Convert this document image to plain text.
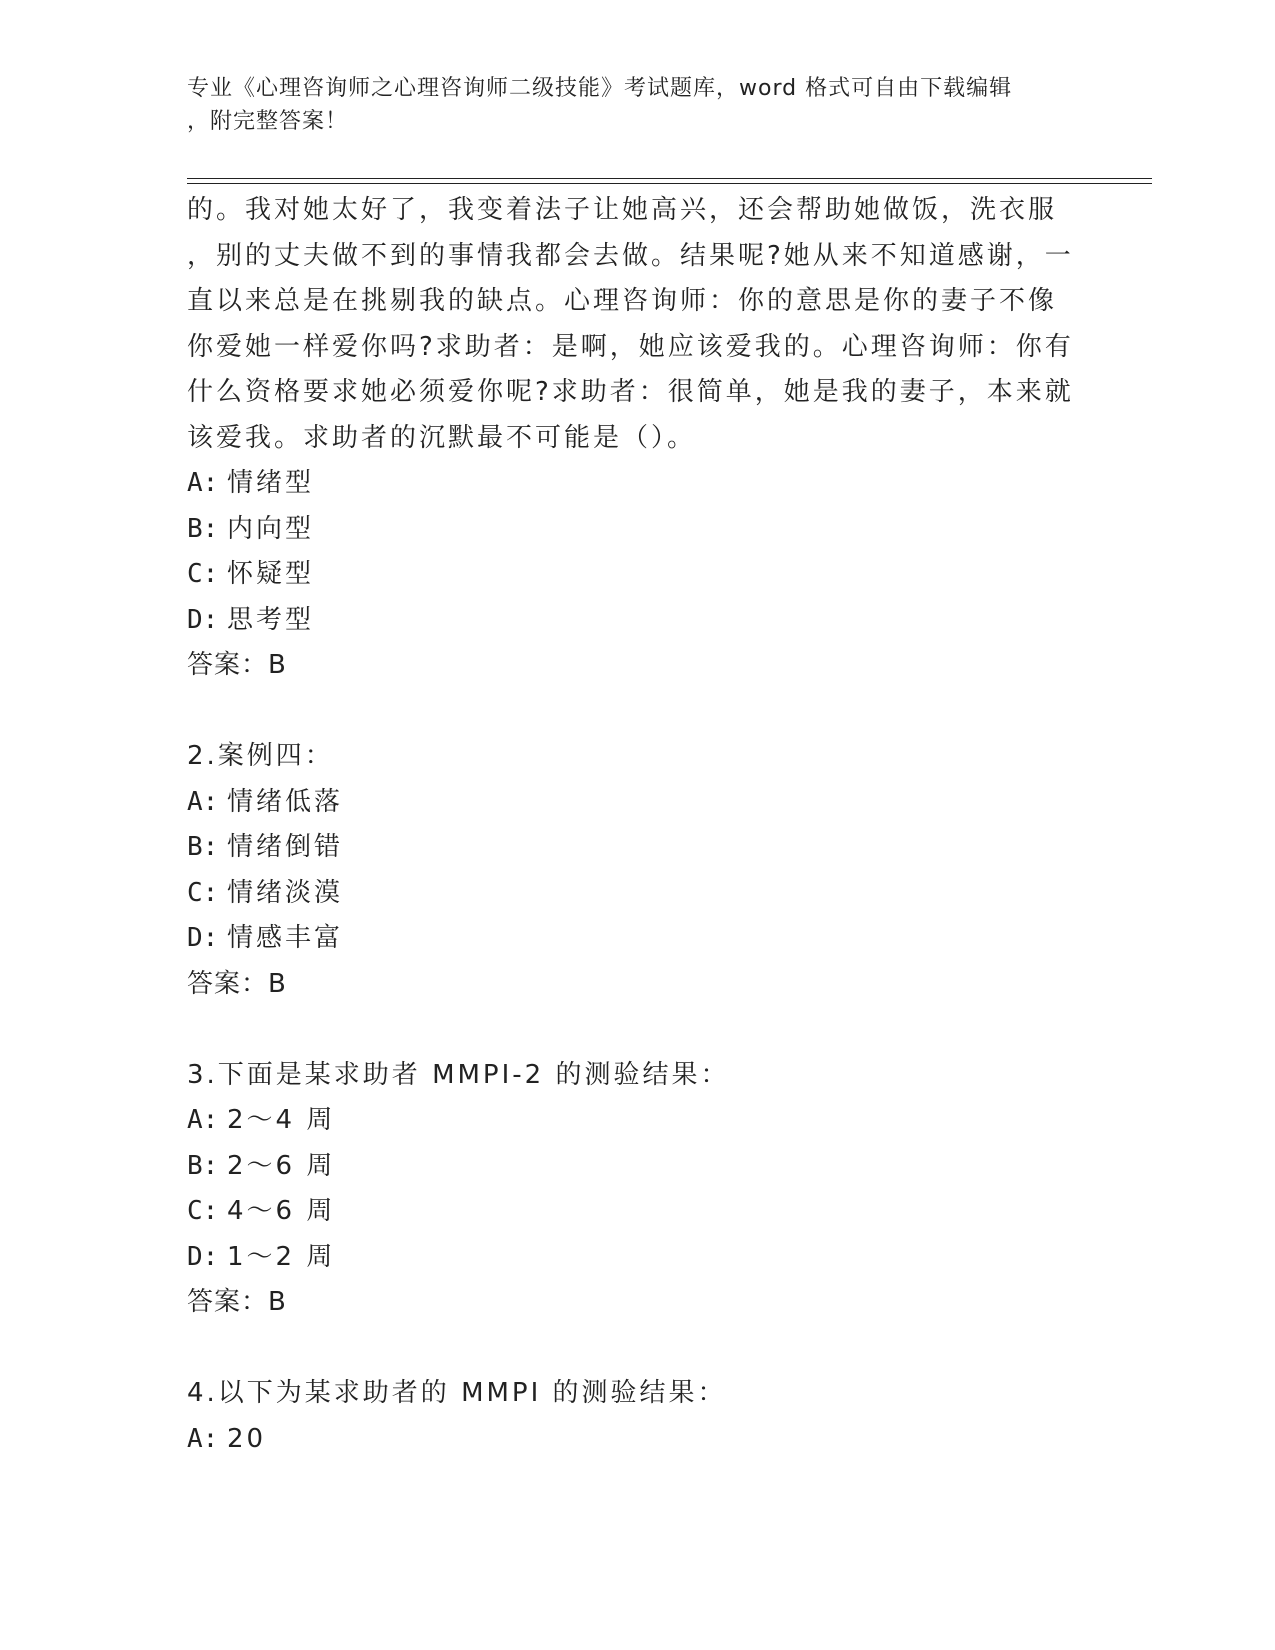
专业《心理咨询师之心理咨询师二级技能》考试题库，word 格式可自由下载编辑
，附完整答案！
的。我对她太好了，我变着法子让她高兴，还会帮助她做饭，洗衣服
，别的丈夫做不到的事情我都会去做。结果呢?她从来不知道感谢，一
直以来总是在挑剔我的缺点。心理咨询师：你的意思是你的妻子不像
你爱她一样爱你吗?求助者：是啊，她应该爱我的。心理咨询师：你有
什么资格要求她必须爱你呢?求助者：很简单，她是我的妻子，本来就
该爱我。求助者的沉默最不可能是（）。
A: 情绪型
B: 内向型
C: 怀疑型
D: 思考型
答案：B
2.案例四：
A: 情绪低落
B: 情绪倒错
C: 情绪淡漠
D: 情感丰富
答案：B
3.下面是某求助者 MMPI-2 的测验结果：
A: 2～4 周
B: 2～6 周
C: 4～6 周
D: 1～2 周
答案：B
4.以下为某求助者的 MMPI 的测验结果：
A: 20
